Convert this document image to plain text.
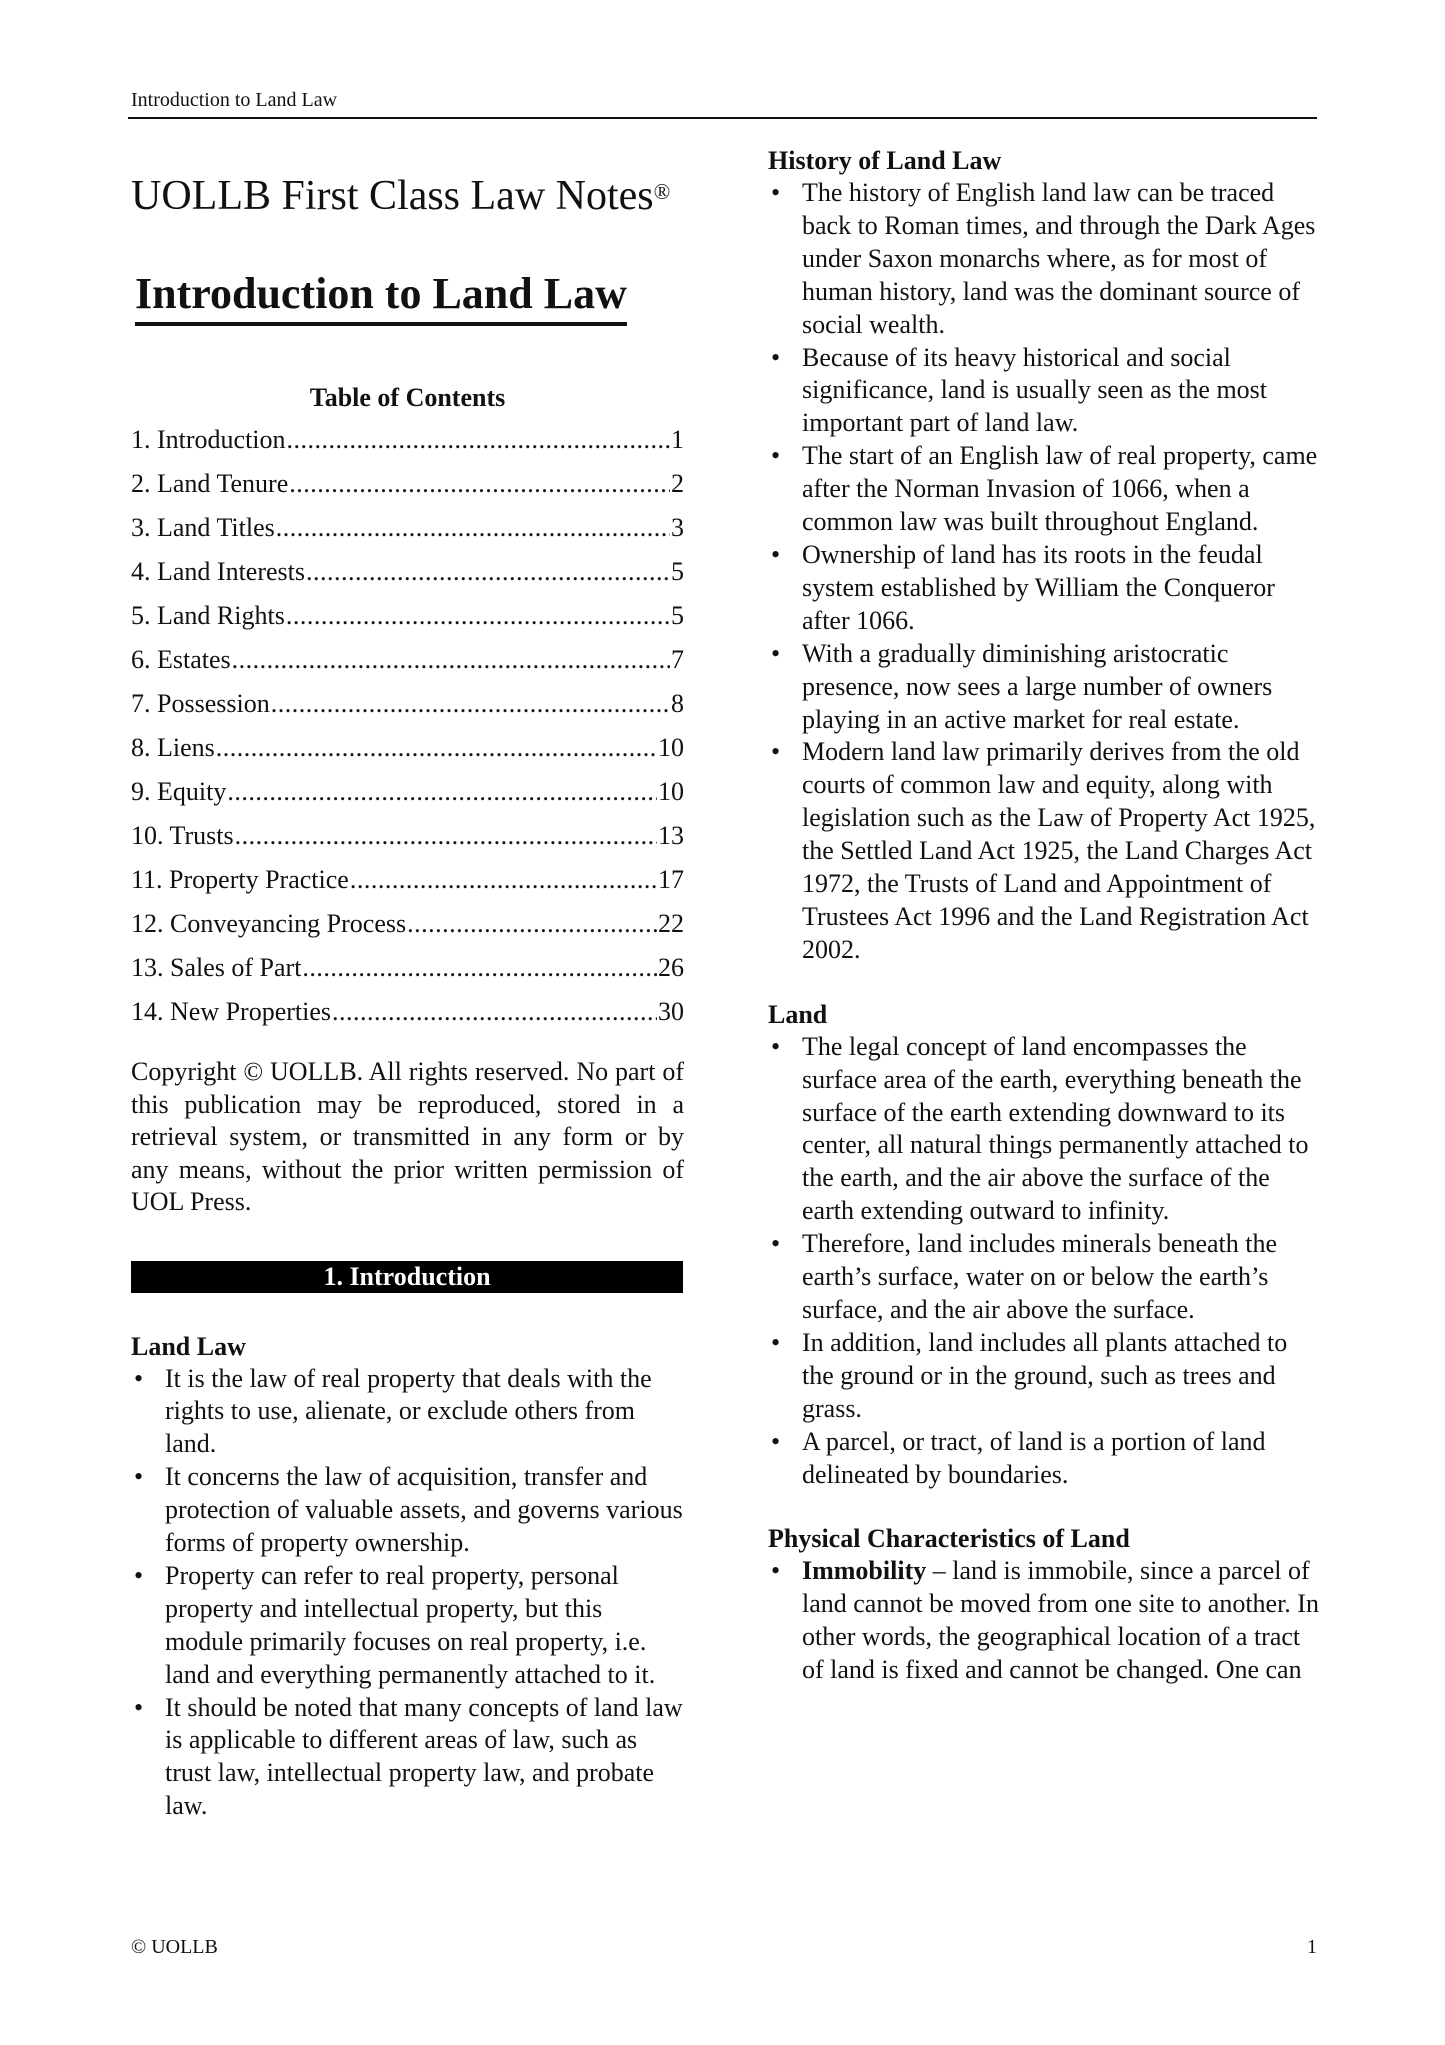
Introduction to Land Law
UOLLB First Class Law Notes®
Introduction to Land Law
Table of Contents
1. Introduction .....	1
2. Land Tenure .....	2
3. Land Titles .....	3
4. Land Interests .....	5
5. Land Rights .....	5
6. Estates .....	7
7. Possession .....	8
8. Liens .....	10
9. Equity .....	10
10. Trusts .....	13
11. Property Practice .....	17
12. Conveyancing Process .....	22
13. Sales of Part .....	26
14. New Properties .....	30

Copyright © UOLLB. All rights reserved. No part of this publication may be reproduced, stored in a retrieval system, or transmitted in any form or by any means, without the prior written permission of UOL Press.

1. Introduction
Land Law
• It is the law of real property that deals with the rights to use, alienate, or exclude others from land.
• It concerns the law of acquisition, transfer and protection of valuable assets, and governs various forms of property ownership.
• Property can refer to real property, personal property and intellectual property, but this module primarily focuses on real property, i.e. land and everything permanently attached to it.
• It should be noted that many concepts of land law is applicable to different areas of law, such as trust law, intellectual property law, and probate law.
History of Land Law
• The history of English land law can be traced back to Roman times, and through the Dark Ages under Saxon monarchs where, as for most of human history, land was the dominant source of social wealth.
• Because of its heavy historical and social significance, land is usually seen as the most important part of land law.
• The start of an English law of real property, came after the Norman Invasion of 1066, when a common law was built throughout England.
• Ownership of land has its roots in the feudal system established by William the Conqueror after 1066.
• With a gradually diminishing aristocratic presence, now sees a large number of owners playing in an active market for real estate.
• Modern land law primarily derives from the old courts of common law and equity, along with legislation such as the Law of Property Act 1925, the Settled Land Act 1925, the Land Charges Act 1972, the Trusts of Land and Appointment of Trustees Act 1996 and the Land Registration Act 2002.
Land
• The legal concept of land encompasses the surface area of the earth, everything beneath the surface of the earth extending downward to its center, all natural things permanently attached to the earth, and the air above the surface of the earth extending outward to infinity.
• Therefore, land includes minerals beneath the earth’s surface, water on or below the earth’s surface, and the air above the surface.
• In addition, land includes all plants attached to the ground or in the ground, such as trees and grass.
• A parcel, or tract, of land is a portion of land delineated by boundaries.
Physical Characteristics of Land
• Immobility – land is immobile, since a parcel of land cannot be moved from one site to another. In other words, the geographical location of a tract of land is fixed and cannot be changed. One can
© UOLLB	1
